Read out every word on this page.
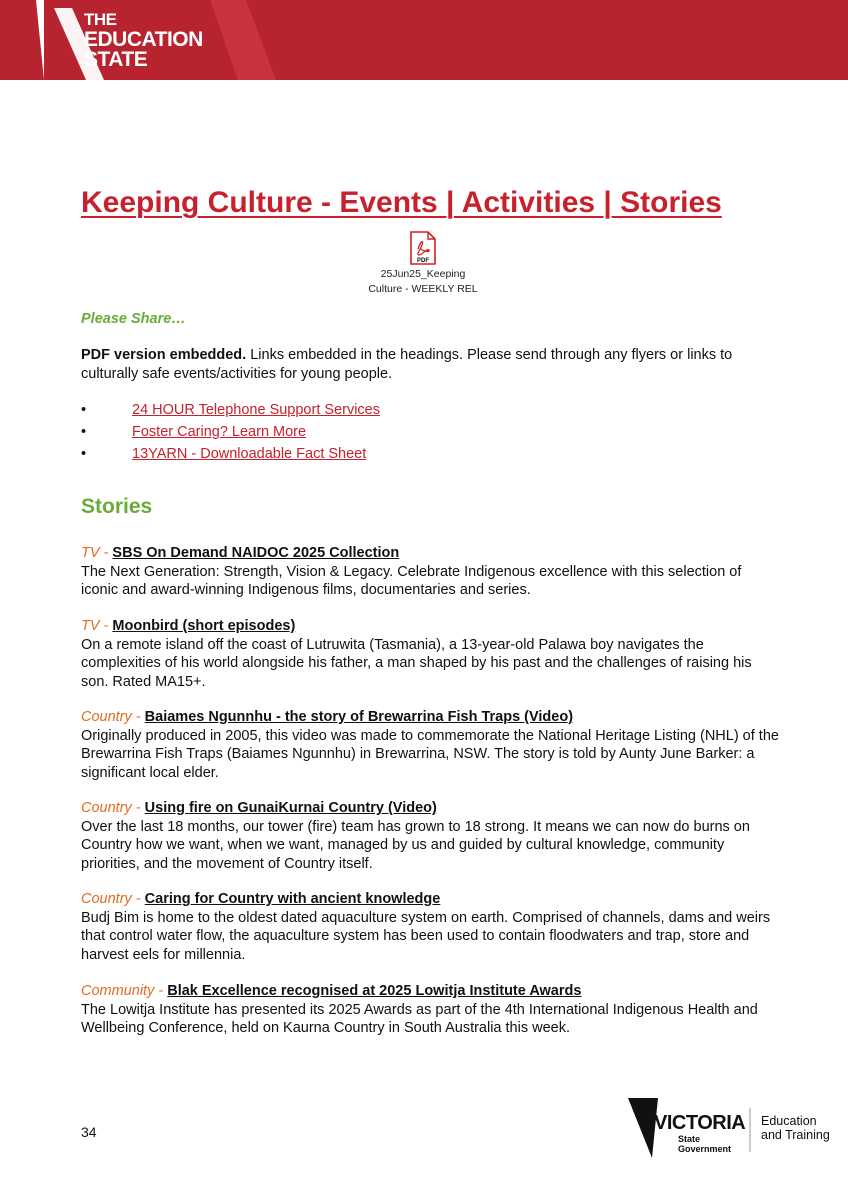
THE
EDUCATION
STATE
Keeping Culture - Events | Activities | Stories
PDF
25Jun25_Keeping
Culture - WEEKLY REL
Please Share…

PDF version embedded. Links embedded in the headings. Please send through any flyers or links to culturally safe events/activities for young people.

•	24 HOUR Telephone Support Services
•	Foster Caring? Learn More
•	13YARN - Downloadable Fact Sheet
Stories
TV - SBS On Demand NAIDOC 2025 Collection
The Next Generation: Strength, Vision & Legacy. Celebrate Indigenous excellence with this selection of iconic and award-winning Indigenous films, documentaries and series.
TV - Moonbird (short episodes)
On a remote island off the coast of Lutruwita (Tasmania), a 13-year-old Palawa boy navigates the complexities of his world alongside his father, a man shaped by his past and the challenges of raising his son. Rated MA15+.
Country - Baiames Ngunnhu - the story of Brewarrina Fish Traps (Video)
Originally produced in 2005, this video was made to commemorate the National Heritage Listing (NHL) of the Brewarrina Fish Traps (Baiames Ngunnhu) in Brewarrina, NSW. The story is told by Aunty June Barker: a significant local elder.
Country - Using fire on GunaiKurnai Country (Video)
Over the last 18 months, our tower (fire) team has grown to 18 strong. It means we can now do burns on Country how we want, when we want, managed by us and guided by cultural knowledge, community priorities, and the movement of Country itself.
Country - Caring for Country with ancient knowledge
Budj Bim is home to the oldest dated aquaculture system on earth. Comprised of channels, dams and weirs that control water flow, the aquaculture system has been used to contain floodwaters and trap, store and harvest eels for millennia.
Community - Blak Excellence recognised at 2025 Lowitja Institute Awards
The Lowitja Institute has presented its 2025 Awards as part of the 4th International Indigenous Health and Wellbeing Conference, held on Kaurna Country in South Australia this week.
34	VICTORIA
State
Government
Education
and Training
